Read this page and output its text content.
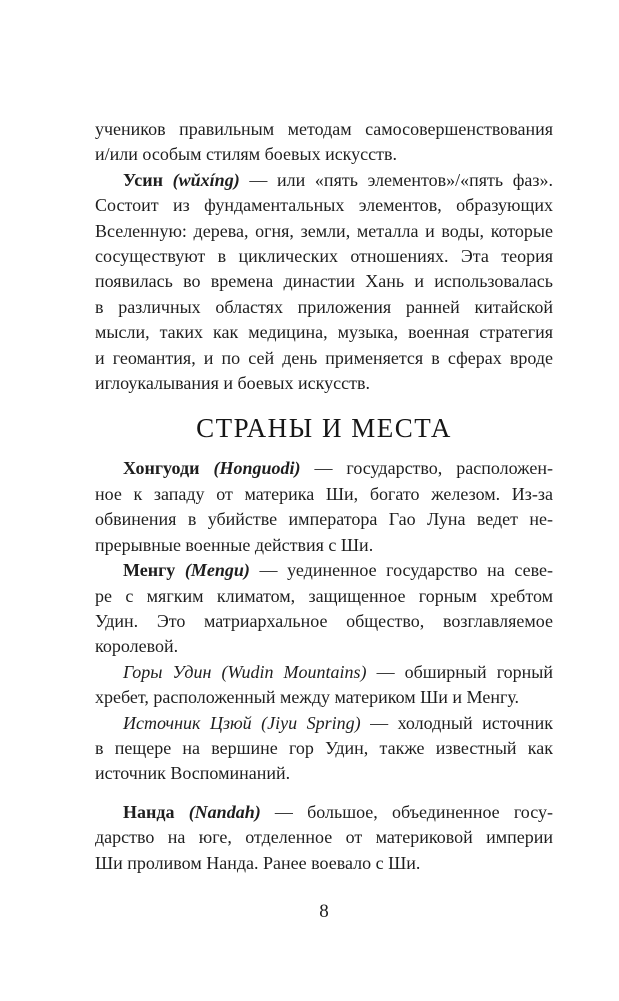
учеников правильным методам самосовершенствования
и/или особым стилям боевых искусств.
Усин (wǔxíng) — или «пять элементов»/«пять фаз».
Состоит из фундаментальных элементов, образующих
Вселенную: дерева, огня, земли, металла и воды, которые
сосуществуют в циклических отношениях. Эта теория
появилась во времена династии Хань и использовалась
в различных областях приложения ранней китайской
мысли, таких как медицина, музыка, военная стратегия
и геомантия, и по сей день применяется в сферах вроде
иглоукалывания и боевых искусств.
СТРАНЫ И МЕСТА
Хонгуоди (Honguodi) — государство, расположен-
ное к западу от материка Ши, богато железом. Из-за
обвинения в убийстве императора Гао Луна ведет не-
прерывные военные действия с Ши.
Менгу (Mengu) — уединенное государство на севе-
ре с мягким климатом, защищенное горным хребтом
Удин. Это матриархальное общество, возглавляемое
королевой.
Горы Удин (Wudin Mountains) — обширный горный
хребет, расположенный между материком Ши и Менгу.
Источник Цзюй (Jiyu Spring) — холодный источник
в пещере на вершине гор Удин, также известный как
источник Воспоминаний.
Нанда (Nandah) — большое, объединенное госу-
дарство на юге, отделенное от материковой империи
Ши проливом Нанда. Ранее воевало с Ши.
8
